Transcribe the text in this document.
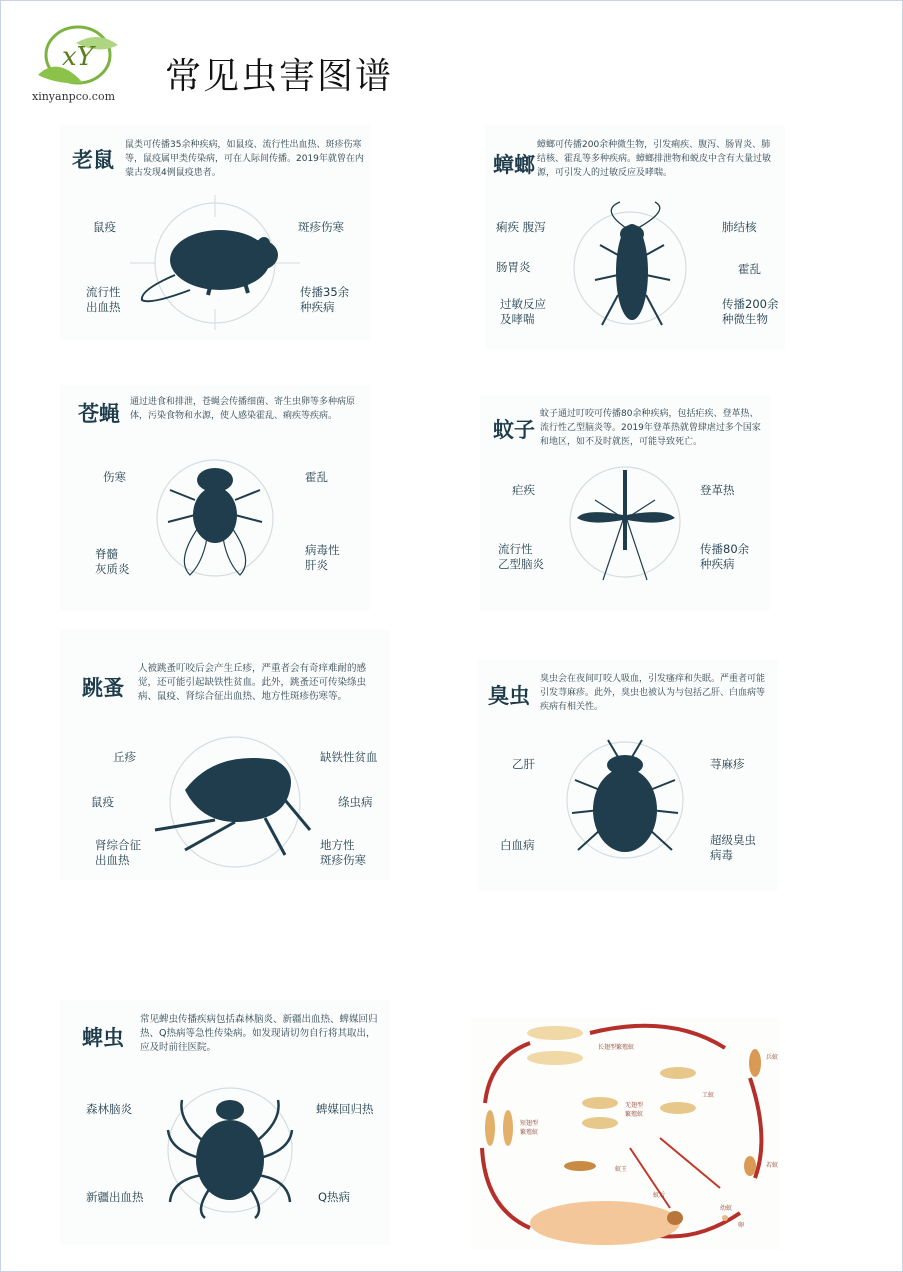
xY
xinyanpco.com 常见虫害图谱
老鼠
鼠类可传播35余种疾病，如鼠疫、流行性出血热、斑疹伤寒等，鼠疫属甲类传染病，可在人际间传播。2019年就曾在内蒙古发现4例鼠疫患者。
鼠疫	斑疹伤寒
流行性
出血热
传播35余
种疾病
蟑螂
蟑螂可传播200余种微生物，引发痢疾、腹泻、肠胃炎、肺结核、霍乱等多种疾病。蟑螂排泄物和蜕皮中含有大量过敏源，可引发人的过敏反应及哮喘。
痢疾 腹泻
肠胃炎
过敏反应
及哮喘
肺结核
霍乱
传播200余
种微生物
苍蝇 通过进食和排泄，苍蝇会传播细菌、寄生虫卵等多种病原体，污染食物和水源，使人感染霍乱、痢疾等疾病。
伤寒	霍乱
脊髓
灰质炎
病毒性
肝炎
蚊子
蚊子通过叮咬可传播80余种疾病，包括疟疾、登革热、流行性乙型脑炎等。2019年登革热就曾肆虐过多个国家和地区，如不及时就医，可能导致死亡。
疟疾	登革热
流行性
乙型脑炎
传播80余
种疾病
跳蚤
人被跳蚤叮咬后会产生丘疹，严重者会有奇痒难耐的感觉，还可能引起缺铁性贫血。此外，跳蚤还可传染绦虫病、鼠疫、肾综合征出血热、地方性斑疹伤寒等。
丘疹	缺铁性贫血
鼠疫	绦虫病
肾综合征
出血热
地方性
斑疹伤寒
臭虫
臭虫会在夜间叮咬人吸血，引发瘙痒和失眠。严重者可能引发荨麻疹。此外，臭虫也被认为与包括乙肝、白血病等疾病有相关性。
乙肝	荨麻疹
白血病	超级臭虫
病毒
蜱虫
常见蜱虫传播疾病包括森林脑炎、新疆出血热、蜱媒回归热、Q热病等急性传染病。如发现请切勿自行将其取出，应及时前往医院。
森林脑炎	蜱媒回归热
新疆出血热	Q热病
长翅型繁殖蚁
短翅型
繁殖蚁
无翅型
繁殖蚁
工蚁
兵蚁
若蚁
幼蚁
蚁后
蚁王
卵
